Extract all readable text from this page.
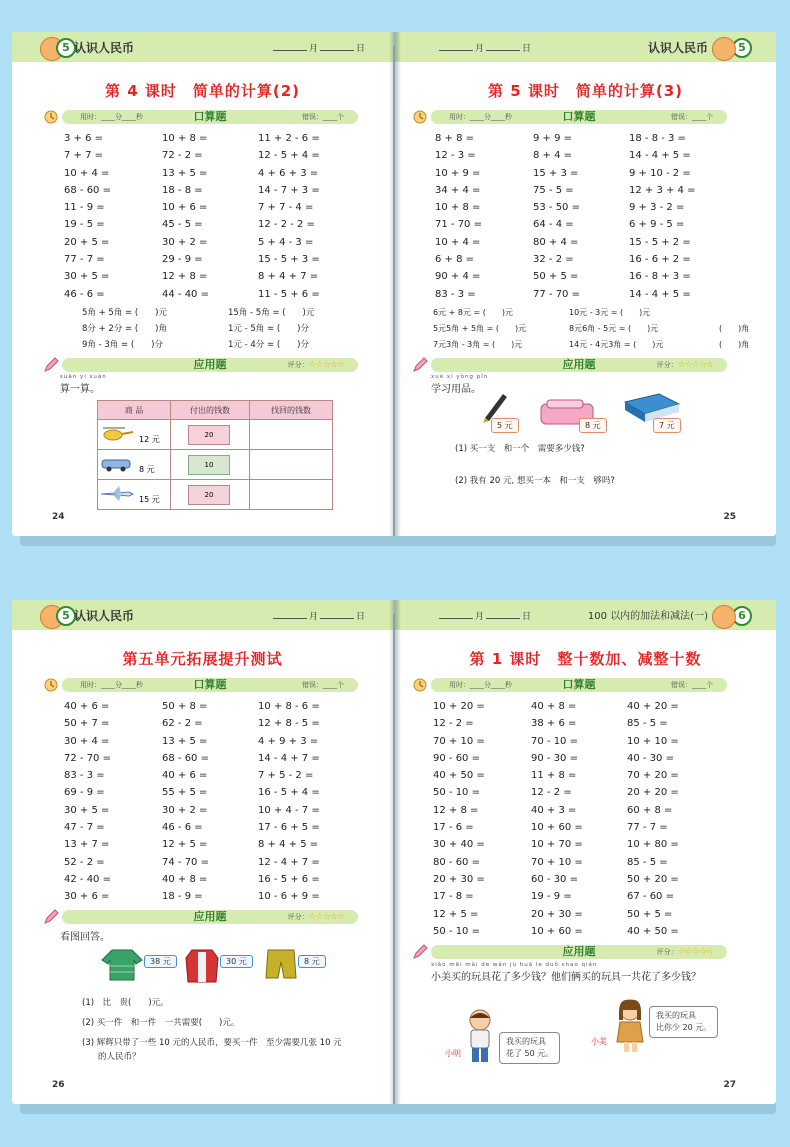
5 认识人民币	月	日
第 4 课时　简单的计算(2)
用时：____分____秒	口算题	错误：____个
3 + 6 =	10 + 8 =	11 + 2 - 6 =
7 + 7 =	72 - 2 =	12 - 5 + 4 =
10 + 4 =	13 + 5 =	4 + 6 + 3 =
68 - 60 =	18 - 8 =	14 - 7 + 3 =
11 - 9 =	10 + 6 =	7 + 7 - 4 =
19 - 5 =	45 - 5 =	12 - 2 - 2 =
20 + 5 =	30 + 2 =	5 + 4 - 3 =
77 - 7 =	29 - 9 =	15 - 5 + 3 =
30 + 5 =	12 + 8 =	8 + 4 + 7 =
46 - 6 =	44 - 40 =	11 - 5 + 6 =
5角 + 5角 = (　　)元	15角 - 5角 = (　　)元
8分 + 2分 = (　　)角	1元 - 5角 = (　　)分
9角 - 3角 = (　　)分	1元 - 4分 = (　　)分
应用题	评分：☆☆☆☆☆
suàn yi suàn
算一算。
商 品	付出的钱数	找回的钱数
12 元	20	
8 元	10	
15 元	20	
24
月	日	认识人民币	5
第 5 课时　简单的计算(3)
用时：____分____秒	口算题	错误：____个
8 + 8 =	9 + 9 =	18 - 8 - 3 =
12 - 3 =	8 + 4 =	14 - 4 + 5 =
10 + 9 =	15 + 3 =	9 + 10 - 2 =
34 + 4 =	75 - 5 =	12 + 3 + 4 =
10 + 8 =	53 - 50 =	9 + 3 - 2 =
71 - 70 =	64 - 4 =	6 + 9 - 5 =
10 + 4 =	80 + 4 =	15 - 5 + 2 =
6 + 8 =	32 - 2 =	16 - 6 + 2 =
90 + 4 =	50 + 5 =	16 - 8 + 3 =
83 - 3 =	77 - 70 =	14 - 4 + 5 =
6元 + 8元 = (　　)元	10元 - 3元 = (　　)元
5元5角 + 5角 = (　　)元	8元6角 - 5元 = (　　)元	(　　)角
7元3角 - 3角 = (　　)元	14元 - 4元3角 = (　　)元	(　　)角
应用题	评分：☆☆☆☆☆
xué xí yòng pǐn
学习用品。
5 元	8 元	7 元
(1) 买一支　和一个　需要多少钱?
(2) 我有 20 元, 想买一本　和一支　够吗?
25
5 认识人民币	月	日
第五单元拓展提升测试
用时：____分____秒	口算题	错误：____个
40 + 6 =	50 + 8 =	10 + 8 - 6 =
50 + 7 =	62 - 2 =	12 + 8 - 5 =
30 + 4 =	13 + 5 =	4 + 9 + 3 =
72 - 70 =	68 - 60 =	14 - 4 + 7 =
83 - 3 =	40 + 6 =	7 + 5 - 2 =
69 - 9 =	55 + 5 =	16 - 5 + 4 =
30 + 5 =	30 + 2 =	10 + 4 - 7 =
47 - 7 =	46 - 6 =	17 - 6 + 5 =
13 + 7 =	12 + 5 =	8 + 4 + 5 =
52 - 2 =	74 - 70 =	12 - 4 + 7 =
42 - 40 =	40 + 8 =	16 - 5 + 6 =
30 + 6 =	18 - 9 =	10 - 6 + 9 =
应用题	评分：☆☆☆☆☆
看图回答。
38 元	30 元	8 元
(1)　比　贵(　　)元。
(2) 买一件　和一件　一共需要(　　)元。
(3) 辉辉只带了一些 10 元的人民币，要买一件　至少需要几张 10 元
的人民币？
26
月	日	100 以内的加法和减法(一)	6
第 1 课时　整十数加、减整十数
用时：____分____秒	口算题	错误：____个
10 + 20 =	40 + 8 =	40 + 20 =
12 - 2 =	38 + 6 =	85 - 5 =
70 + 10 =	70 - 10 =	10 + 10 =
90 - 60 =	90 - 30 =	40 - 30 =
40 + 50 =	11 + 8 =	70 + 20 =
50 - 10 =	12 - 2 =	20 + 20 =
12 + 8 =	40 + 3 =	60 + 8 =
17 - 6 =	10 + 60 =	77 - 7 =
30 + 40 =	10 + 70 =	10 + 80 =
80 - 60 =	70 + 10 =	85 - 5 =
20 + 30 =	60 - 30 =	50 + 20 =
17 - 8 =	19 - 9 =	67 - 60 =
12 + 5 =	20 + 30 =	50 + 5 =
50 - 10 =	10 + 60 =	40 + 50 =
应用题	评分：☆☆☆☆☆
xiǎo měi mǎi de wán jù huā le duō shao qián
小美买的玩具花了多少钱？他们俩买的玩具一共花了多少钱？
小明
我买的玩具
花了 50 元。
小美
我买的玩具
比你少 20 元。
27
